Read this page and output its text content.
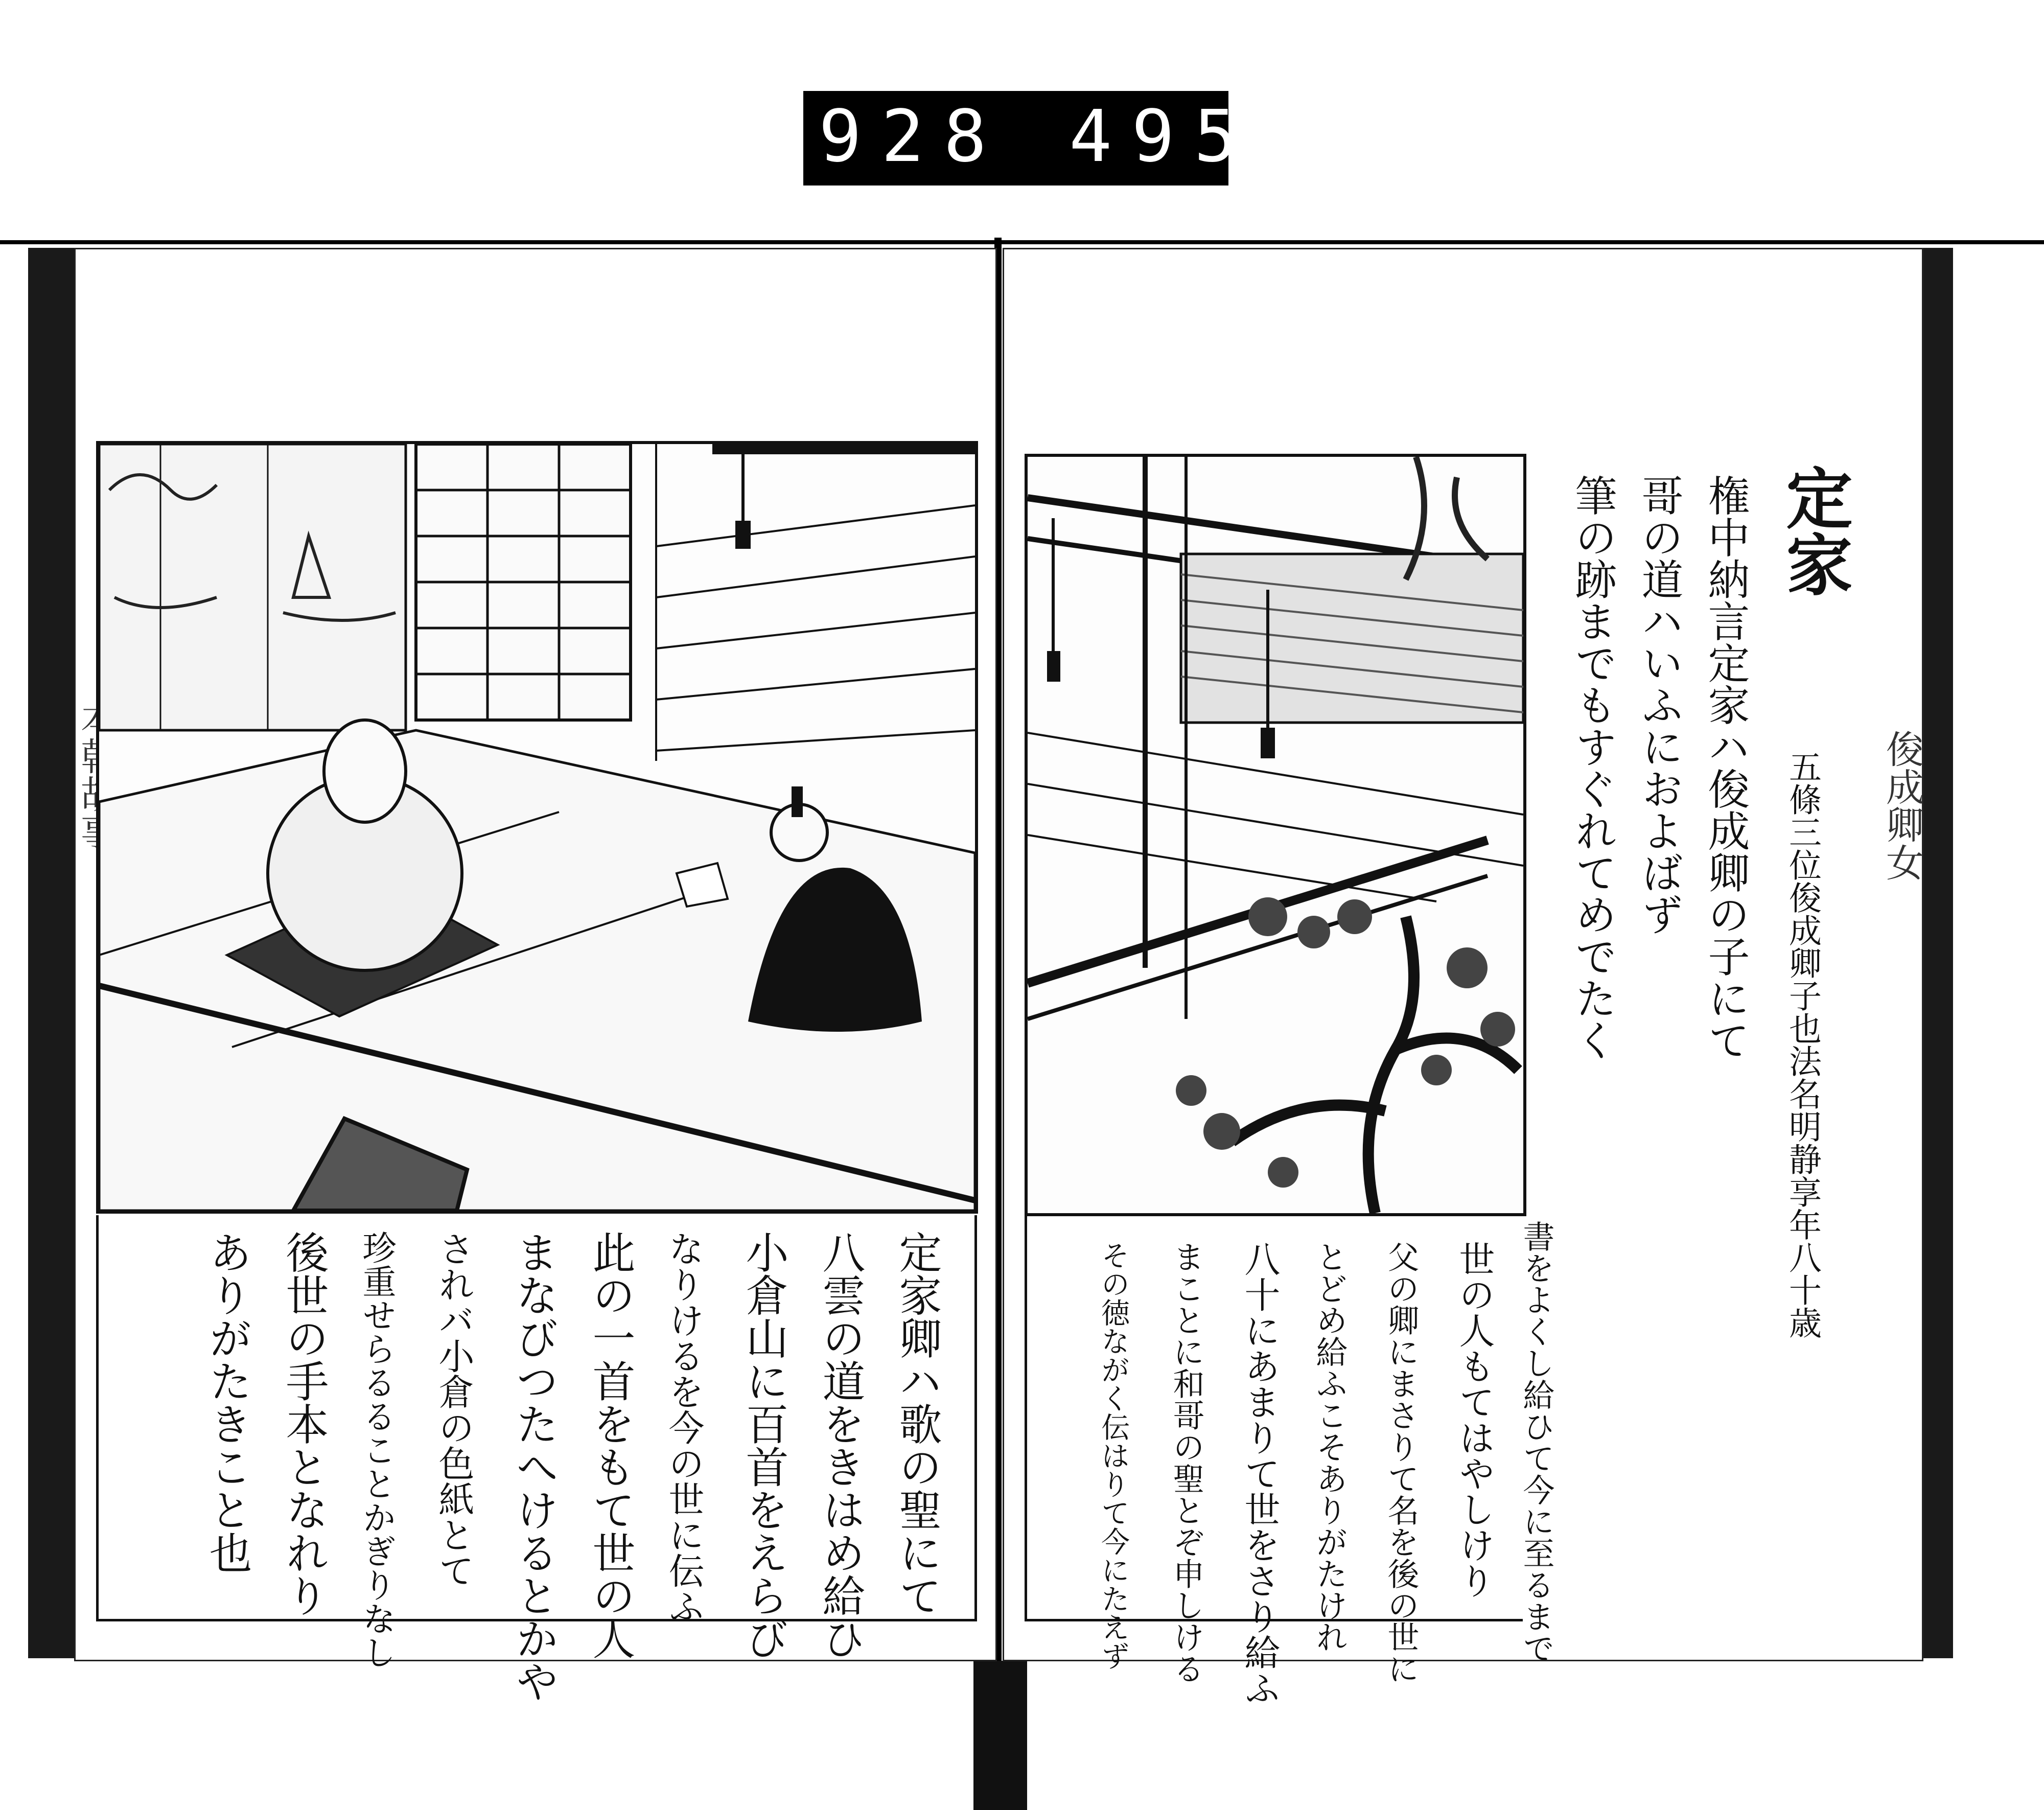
928 495.
定家卿ハ歌の聖にて
八雲の道をきはめ給ひ
小倉山に百首をえらび
なりけるを今の世に伝ふ
此の一首をもて世の人
まなびつたへけるとかや
されバ小倉の色紙とて
珍重せらるることかぎりなし
後世の手本となれり
ありがたきこと也
俊成卿女
定家
五條三位俊成卿子也法名明静享年八十歳
権中納言定家ハ俊成卿の子にて
哥の道ハいふにおよばず
筆の跡までもすぐれてめでたく
書をよくし給ひて今に至るまで
世の人もてはやしけり
父の卿にまさりて名を後の世に
とどめ給ふこそありがたけれ
八十にあまりて世をさり給ふ
まことに和哥の聖とぞ申しける
その徳ながく伝はりて今にたえず
